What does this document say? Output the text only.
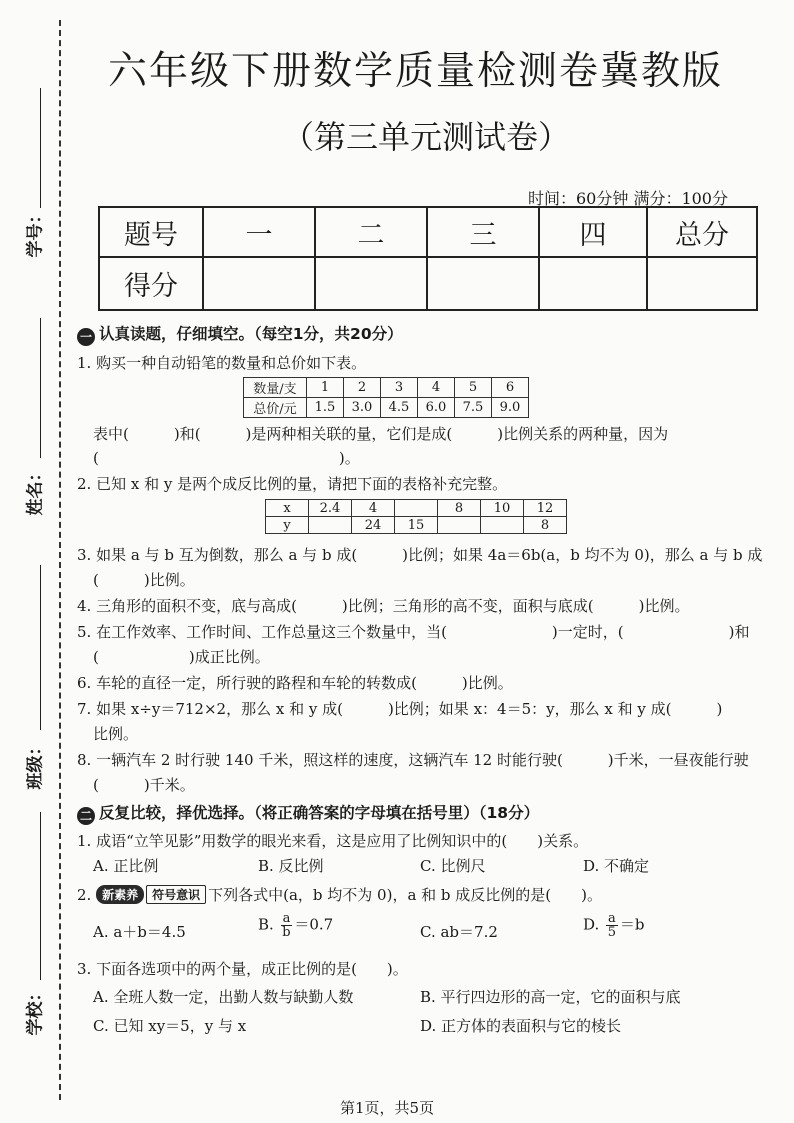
学号：
姓名：
班级：
学校：
六年级下册数学质量检测卷冀教版
（第三单元测试卷）
时间：60分钟 满分：100分
题号	一	二	三	四	总分
得分					
一 认真读题，仔细填空。（每空1分，共20分）
1. 购买一种自动铅笔的数量和总价如下表。
数量/支	1	2	3	4	5	6
总价/元	1.5	3.0	4.5	6.0	7.5	9.0
表中(　　　)和(　　　)是两种相关联的量，它们是成(　　　)比例关系的两种量，因为
(　　　　　　　　　　　　　　　　)。
2. 已知 x 和 y 是两个成反比例的量，请把下面的表格补充完整。
x	2.4	4		8	10	12
y		24	15			8
3. 如果 a 与 b 互为倒数，那么 a 与 b 成(　　　)比例；如果 4a＝6b(a，b 均不为 0)，那么 a 与 b 成
(　　　)比例。
4. 三角形的面积不变，底与高成(　　　)比例；三角形的高不变，面积与底成(　　　)比例。
5. 在工作效率、工作时间、工作总量这三个数量中，当(　　　　　　　)一定时，(　　　　　　　)和
(　　　　　　)成正比例。
6. 车轮的直径一定，所行驶的路程和车轮的转数成(　　　)比例。
7. 如果 x÷y＝712×2，那么 x 和 y 成(　　　)比例；如果 x：4＝5：y，那么 x 和 y 成(　　　)
比例。
8. 一辆汽车 2 时行驶 140 千米，照这样的速度，这辆汽车 12 时能行驶(　　　)千米，一昼夜能行驶
(　　　)千米。
二 反复比较，择优选择。（将正确答案的字母填在括号里）（18分）
1. 成语“立竿见影”用数学的眼光来看，这是应用了比例知识中的(　　)关系。
A. 正比例	B. 反比例	C. 比例尺	D. 不确定
2. 新素养 符号意识 下列各式中(a，b 均不为 0)，a 和 b 成反比例的是(　　)。
A. a＋b＝4.5	B. $\frac{a}{b} =0.7$	C. ab＝7.2	D. $\frac{a}{5} =b$
3. 下面各选项中的两个量，成正比例的是(　　)。
A. 全班人数一定，出勤人数与缺勤人数	B. 平行四边形的高一定，它的面积与底
C. 已知 xy＝5，y 与 x	D. 正方体的表面积与它的棱长
第1页，共5页
